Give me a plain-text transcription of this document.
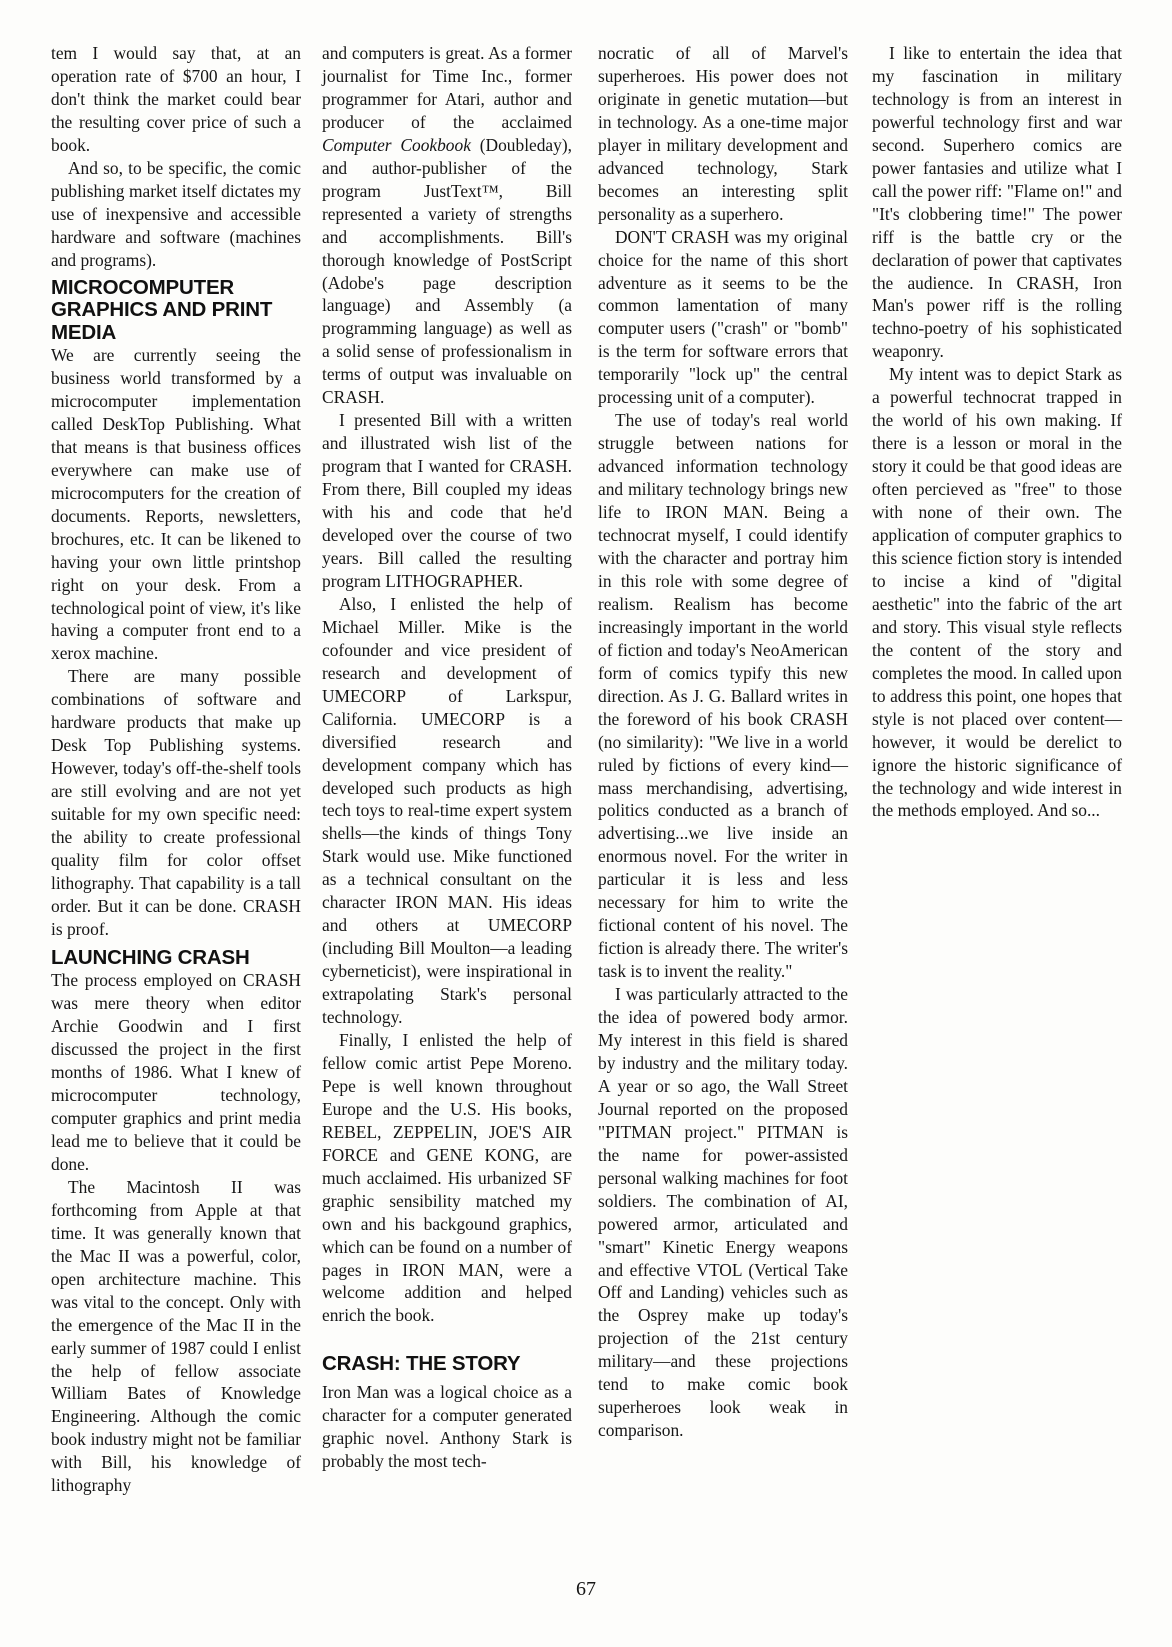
tem I would say that, at an operation rate of $700 an hour, I don't think the market could bear the resulting cover price of such a book.

And so, to be specific, the comic publishing market itself dictates my use of inexpensive and accessible hardware and software (machines and programs).

MICROCOMPUTER GRAPHICS AND PRINT MEDIA

We are currently seeing the business world transformed by a microcomputer implementation called DeskTop Publishing. What that means is that business offices everywhere can make use of microcomputers for the creation of documents. Reports, newsletters, brochures, etc. It can be likened to having your own little printshop right on your desk. From a technological point of view, it's like having a computer front end to a xerox machine.

There are many possible combinations of software and hardware products that make up Desk Top Publishing systems. However, today's off-the-shelf tools are still evolving and are not yet suitable for my own specific need: the ability to create professional quality film for color offset lithography. That capability is a tall order. But it can be done. CRASH is proof.

LAUNCHING CRASH

The process employed on CRASH was mere theory when editor Archie Goodwin and I first discussed the project in the first months of 1986. What I knew of microcomputer technology, computer graphics and print media lead me to believe that it could be done.

The Macintosh II was forthcoming from Apple at that time. It was generally known that the Mac II was a powerful, color, open architecture machine. This was vital to the concept. Only with the emergence of the Mac II in the early summer of 1987 could I enlist the help of fellow associate William Bates of Knowledge Engineering. Although the comic book industry might not be familiar with Bill, his knowledge of lithography

and computers is great. As a former journalist for Time Inc., former programmer for Atari, author and producer of the acclaimed Computer Cookbook (Doubleday), and author-publisher of the program JustText™, Bill represented a variety of strengths and accomplishments. Bill's thorough knowledge of PostScript (Adobe's page description language) and Assembly (a programming language) as well as a solid sense of professionalism in terms of output was invaluable on CRASH.

I presented Bill with a written and illustrated wish list of the program that I wanted for CRASH. From there, Bill coupled my ideas with his and code that he'd developed over the course of two years. Bill called the resulting program LITHOGRAPHER.

Also, I enlisted the help of Michael Miller. Mike is the cofounder and vice president of research and development of UMECORP of Larkspur, California. UMECORP is a diversified research and development company which has developed such products as high tech toys to real-time expert system shells—the kinds of things Tony Stark would use. Mike functioned as a technical consultant on the character IRON MAN. His ideas and others at UMECORP (including Bill Moulton—a leading cyberneticist), were inspirational in extrapolating Stark's personal technology.

Finally, I enlisted the help of fellow comic artist Pepe Moreno. Pepe is well known throughout Europe and the U.S. His books, REBEL, ZEPPELIN, JOE'S AIR FORCE and GENE KONG, are much acclaimed. His urbanized SF graphic sensibility matched my own and his backgound graphics, which can be found on a number of pages in IRON MAN, were a welcome addition and helped enrich the book.

CRASH: THE STORY

Iron Man was a logical choice as a character for a computer generated graphic novel. Anthony Stark is probably the most tech-

nocratic of all of Marvel's superheroes. His power does not originate in genetic mutation—but in technology. As a one-time major player in military development and advanced technology, Stark becomes an interesting split personality as a superhero.

DON'T CRASH was my original choice for the name of this short adventure as it seems to be the common lamentation of many computer users ("crash" or "bomb" is the term for software errors that temporarily "lock up" the central processing unit of a computer).

The use of today's real world struggle between nations for advanced information technology and military technology brings new life to IRON MAN. Being a technocrat myself, I could identify with the character and portray him in this role with some degree of realism. Realism has become increasingly important in the world of fiction and today's NeoAmerican form of comics typify this new direction. As J. G. Ballard writes in the foreword of his book CRASH (no similarity): "We live in a world ruled by fictions of every kind—mass merchandising, advertising, politics conducted as a branch of advertising...we live inside an enormous novel. For the writer in particular it is less and less necessary for him to write the fictional content of his novel. The fiction is already there. The writer's task is to invent the reality."

I was particularly attracted to the the idea of powered body armor. My interest in this field is shared by industry and the military today. A year or so ago, the Wall Street Journal reported on the proposed "PITMAN project." PITMAN is the name for power-assisted personal walking machines for foot soldiers. The combination of AI, powered armor, articulated and "smart" Kinetic Energy weapons and effective VTOL (Vertical Take Off and Landing) vehicles such as the Osprey make up today's projection of the 21st century military—and these projections tend to make comic book superheroes look weak in comparison.

I like to entertain the idea that my fascination in military technology is from an interest in powerful technology first and war second. Superhero comics are power fantasies and utilize what I call the power riff: "Flame on!" and "It's clobbering time!" The power riff is the battle cry or the declaration of power that captivates the audience. In CRASH, Iron Man's power riff is the rolling techno-poetry of his sophisticated weaponry.

My intent was to depict Stark as a powerful technocrat trapped in the world of his own making. If there is a lesson or moral in the story it could be that good ideas are often percieved as "free" to those with none of their own. The application of computer graphics to this science fiction story is intended to incise a kind of "digital aesthetic" into the fabric of the art and story. This visual style reflects the content of the story and completes the mood. In called upon to address this point, one hopes that style is not placed over content—however, it would be derelict to ignore the historic significance of the technology and wide interest in the methods employed. And so...

67
